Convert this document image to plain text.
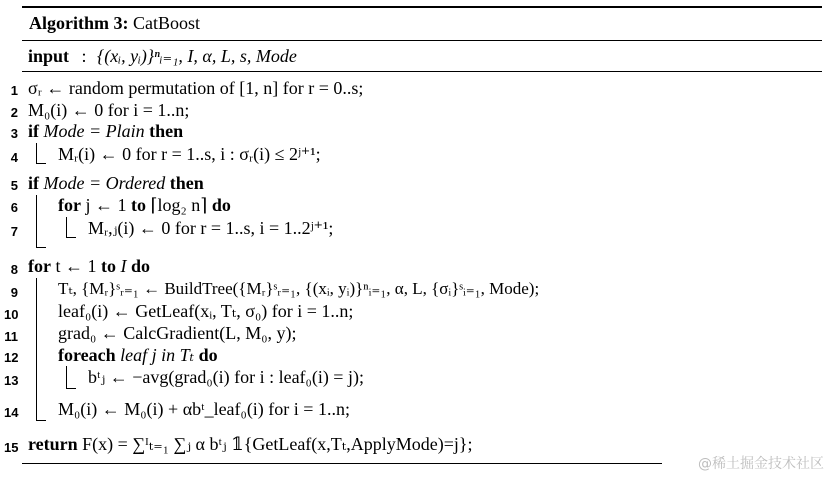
Algorithm 3: CatBoost
input : {(xᵢ, yᵢ)}ⁿᵢ₌₁, I, α, L, s, Mode
1 σᵣ ← random permutation of [1, n] for r = 0..s;
2 M₀(i) ← 0 for i = 1..n;
3 if Mode = Plain then
4 Mᵣ(i) ← 0 for r = 1..s, i : σᵣ(i) ≤ 2ʲ⁺¹;
5 if Mode = Ordered then
6 for j ← 1 to ⌈log₂ n⌉ do
7	Mᵣ,ⱼ(i) ← 0 for r = 1..s, i = 1..2ʲ⁺¹;
8 for t ← 1 to I do
9 Tₜ, {Mᵣ}ˢᵣ₌₁ ← BuildTree({Mᵣ}ˢᵣ₌₁, {(xᵢ, yᵢ)}ⁿᵢ₌₁, α, L, {σᵢ}ˢᵢ₌₁, Mode);
10 leaf₀(i) ← GetLeaf(xᵢ, Tₜ, σ₀) for i = 1..n;
11 grad₀ ← CalcGradient(L, M₀, y);
12 foreach leaf j in Tₜ do
13	bᵗⱼ ← −avg(grad₀(i) for i : leaf₀(i) = j);
14 M₀(i) ← M₀(i) + αbᵗ_leaf₀(i) for i = 1..n;
15 return F(x) = ∑ᴵₜ₌₁ ∑ⱼ α bᵗⱼ 𝟙{GetLeaf(x,Tₜ,ApplyMode)=j};
@稀土掘金技术社区
